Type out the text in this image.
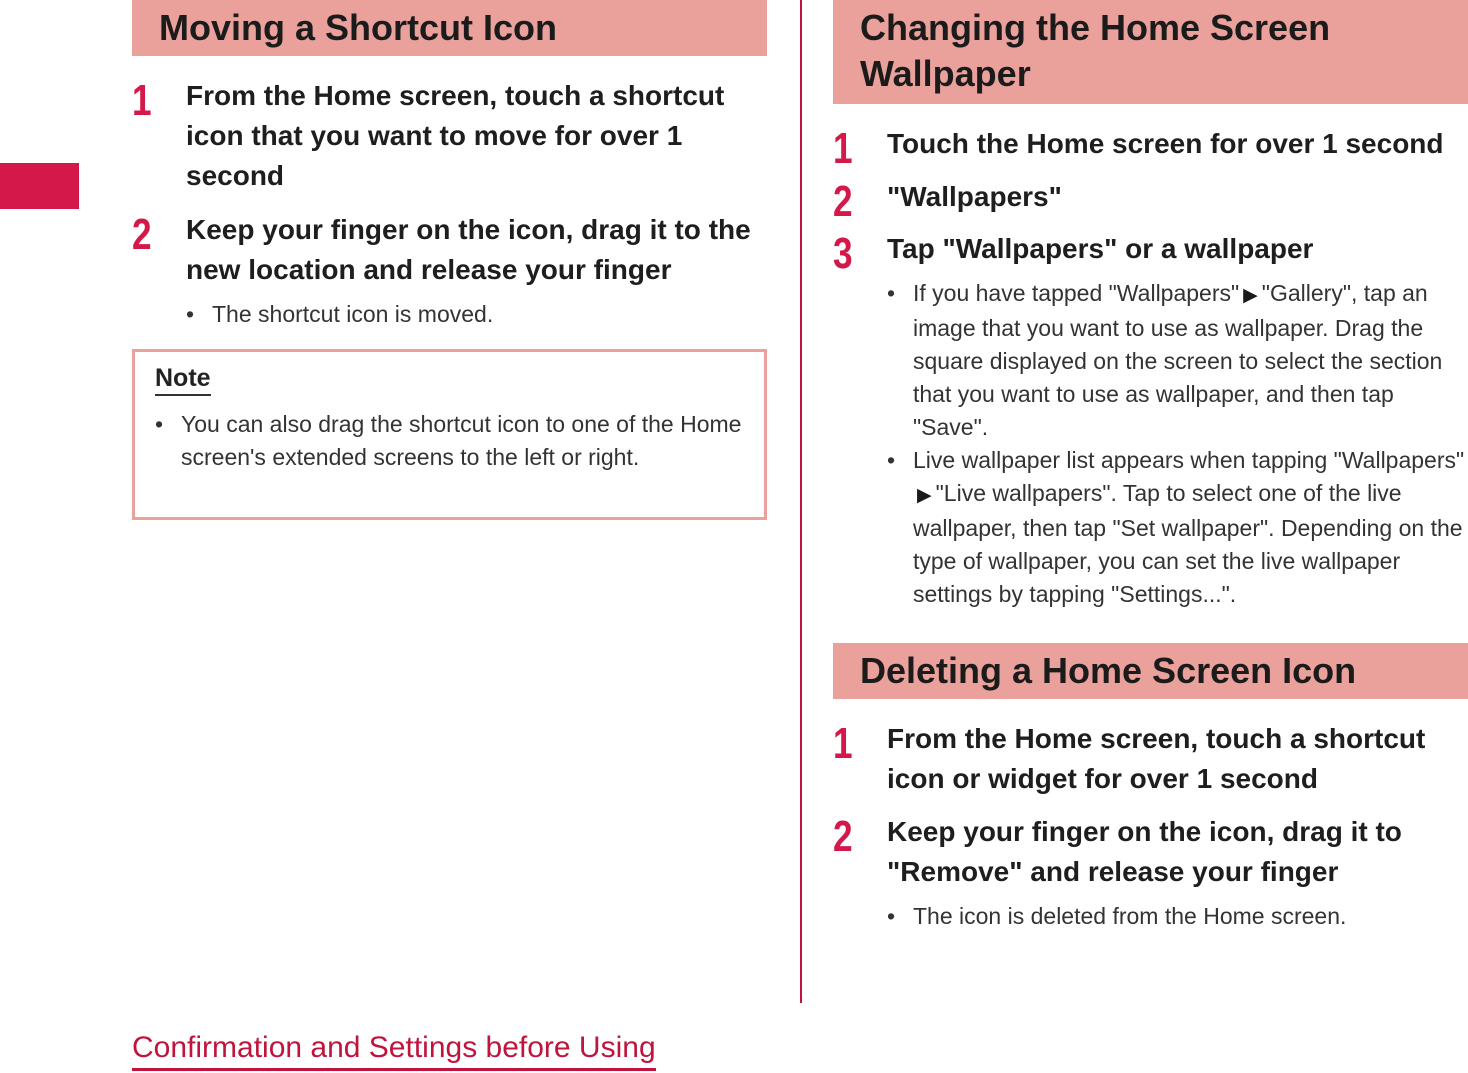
Moving a Shortcut Icon
1 From the Home screen, touch a shortcut icon that you want to move for over 1 second
2 Keep your finger on the icon, drag it to the new location and release your finger
• The shortcut icon is moved.
Note
• You can also drag the shortcut icon to one of the Home screen's extended screens to the left or right.
Changing the Home Screen Wallpaper
1 Touch the Home screen for over 1 second
2 "Wallpapers"
3 Tap "Wallpapers" or a wallpaper
• If you have tapped "Wallpapers" ▶ "Gallery", tap an image that you want to use as wallpaper. Drag the square displayed on the screen to select the section that you want to use as wallpaper, and then tap "Save".
• Live wallpaper list appears when tapping "Wallpapers"▶ "Live wallpapers". Tap to select one of the live wallpaper, then tap "Set wallpaper". Depending on the type of wallpaper, you can set the live wallpaper settings by tapping "Settings...".
Deleting a Home Screen Icon
1 From the Home screen, touch a shortcut icon or widget for over 1 second
2 Keep your finger on the icon, drag it to "Remove" and release your finger
• The icon is deleted from the Home screen.
Confirmation and Settings before Using
